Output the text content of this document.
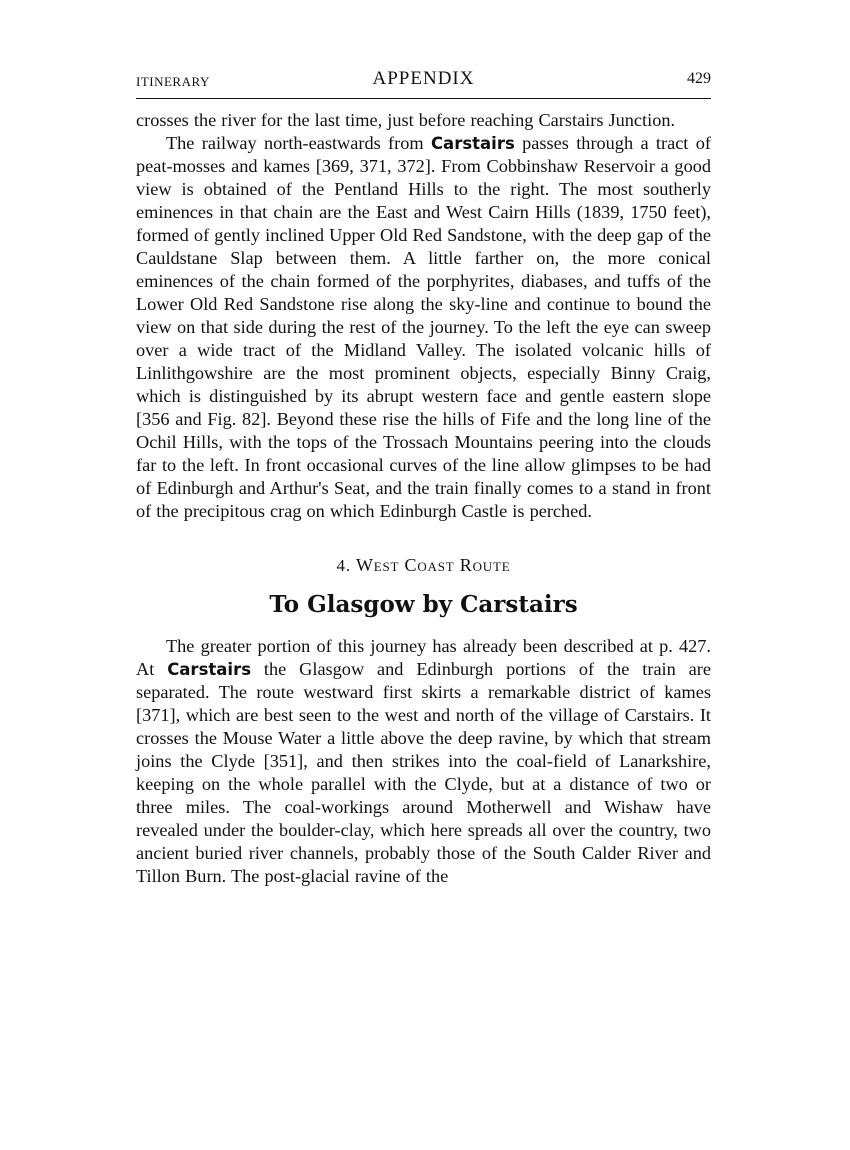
ITINERARY	APPENDIX	429

crosses the river for the last time, just before reaching Carstairs Junction.

The railway north-eastwards from Carstairs passes through a tract of peat-mosses and kames [369, 371, 372]. From Cobbinshaw Reservoir a good view is obtained of the Pentland Hills to the right. The most southerly eminences in that chain are the East and West Cairn Hills (1839, 1750 feet), formed of gently inclined Upper Old Red Sandstone, with the deep gap of the Cauldstane Slap between them. A little farther on, the more conical eminences of the chain formed of the porphyrites, diabases, and tuffs of the Lower Old Red Sandstone rise along the sky-line and continue to bound the view on that side during the rest of the journey. To the left the eye can sweep over a wide tract of the Midland Valley. The isolated volcanic hills of Linlithgowshire are the most prominent objects, especially Binny Craig, which is distinguished by its abrupt western face and gentle eastern slope [356 and Fig. 82]. Beyond these rise the hills of Fife and the long line of the Ochil Hills, with the tops of the Trossach Mountains peering into the clouds far to the left. In front occasional curves of the line allow glimpses to be had of Edinburgh and Arthur's Seat, and the train finally comes to a stand in front of the precipitous crag on which Edinburgh Castle is perched.

4. West Coast Route
To Glasgow by Carstairs

The greater portion of this journey has already been described at p. 427. At Carstairs the Glasgow and Edinburgh portions of the train are separated. The route westward first skirts a remarkable district of kames [371], which are best seen to the west and north of the village of Carstairs. It crosses the Mouse Water a little above the deep ravine, by which that stream joins the Clyde [351], and then strikes into the coal-field of Lanarkshire, keeping on the whole parallel with the Clyde, but at a distance of two or three miles. The coal-workings around Motherwell and Wishaw have revealed under the boulder-clay, which here spreads all over the country, two ancient buried river channels, probably those of the South Calder River and Tillon Burn. The post-glacial ravine of the
